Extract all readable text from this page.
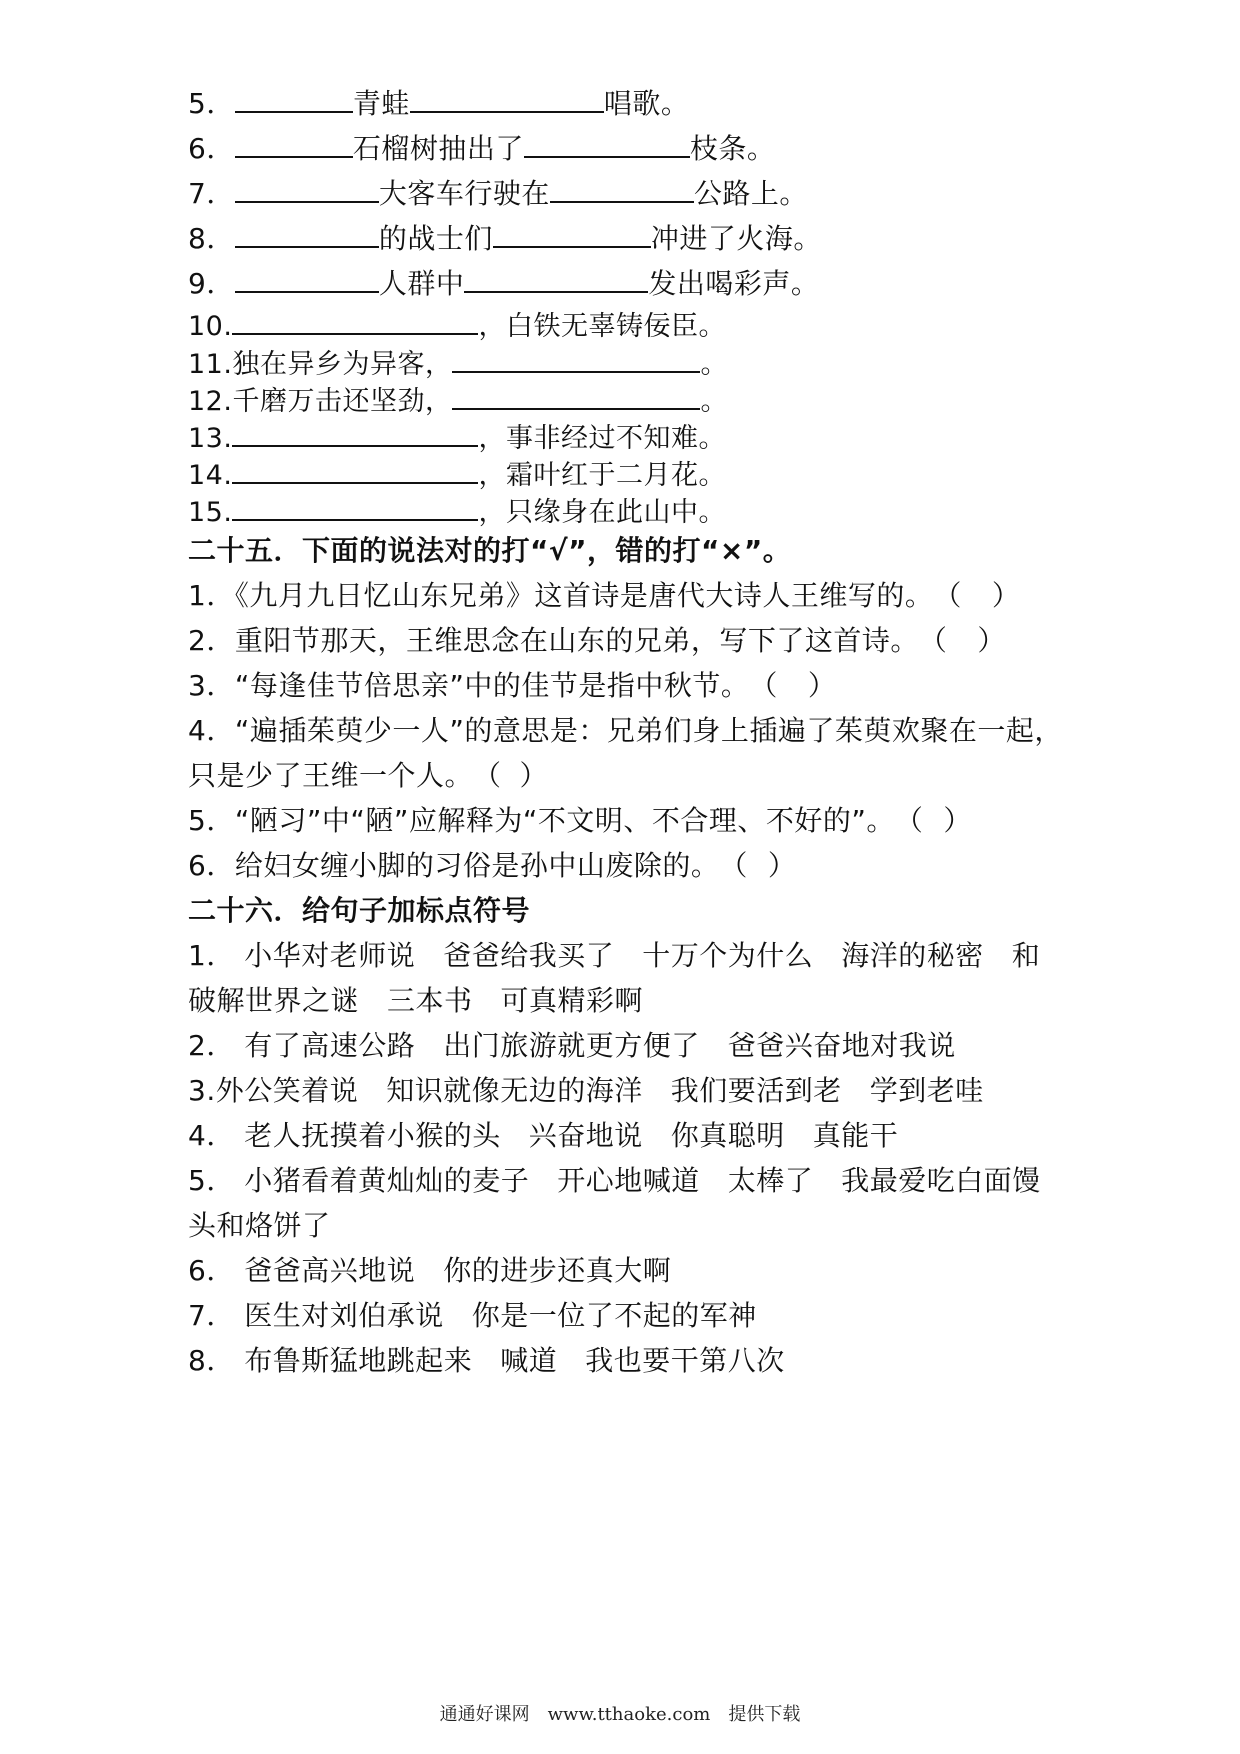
5．	青蛙	唱歌。
6．	石榴树抽出了	枝条。
7．	大客车行驶在	公路上。
8．	的战士们	冲进了火海。
9．	人群中	发出喝彩声。
10.	，白铁无辜铸佞臣。
11.独在异乡为异客，	。
12.千磨万击还坚劲，	。
13.	，事非经过不知难。
14.	，霜叶红于二月花。
15.	，只缘身在此山中。
二十五．下面的说法对的打“√”，错的打“×”。
1．《九月九日忆山东兄弟》这首诗是唐代大诗人王维写的。（ ）
2．重阳节那天，王维思念在山东的兄弟，写下了这首诗。（ ）
3．“每逢佳节倍思亲”中的佳节是指中秋节。（ ）
4．“遍插茱萸少一人”的意思是：兄弟们身上插遍了茱萸欢聚在一起，
只是少了王维一个人。（ ）
5．“陋习”中“陋”应解释为“不文明、不合理、不好的”。（ ）
6．给妇女缠小脚的习俗是孙中山废除的。（ ）
二十六．给句子加标点符号
1． 小华对老师说 爸爸给我买了 十万个为什么 海洋的秘密 和
破解世界之谜 三本书 可真精彩啊
2． 有了高速公路 出门旅游就更方便了 爸爸兴奋地对我说
3.外公笑着说 知识就像无边的海洋 我们要活到老 学到老哇
4． 老人抚摸着小猴的头 兴奋地说 你真聪明 真能干
5． 小猪看着黄灿灿的麦子 开心地喊道 太棒了 我最爱吃白面馒
头和烙饼了
6． 爸爸高兴地说 你的进步还真大啊
7． 医生对刘伯承说 你是一位了不起的军神
8． 布鲁斯猛地跳起来 喊道 我也要干第八次
通通好课网　www.tthaoke.com　提供下载
